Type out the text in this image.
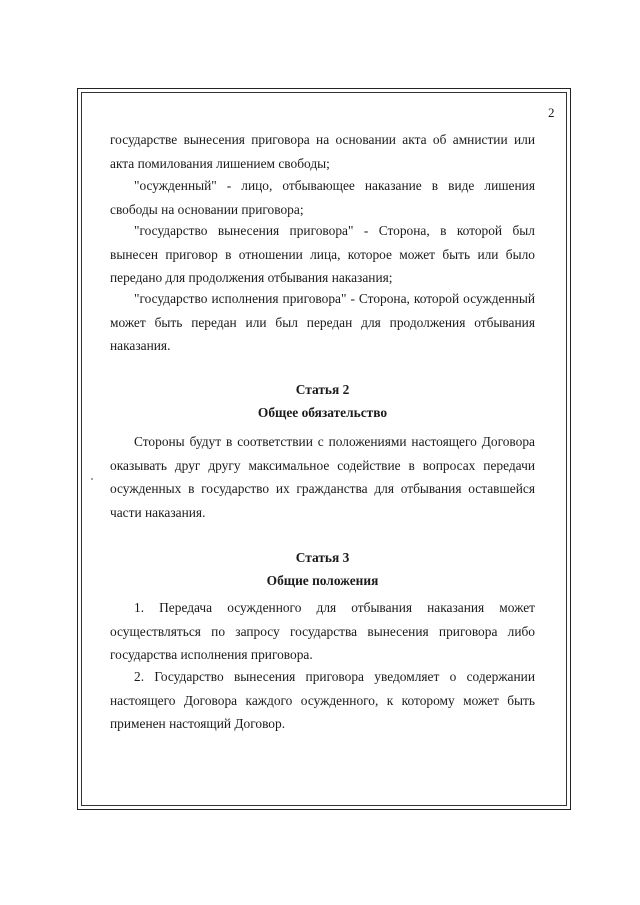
2

государстве вынесения приговора на основании акта об амнистии или акта помилования лишением свободы;

"осужденный" - лицо, отбывающее наказание в виде лишения свободы на основании приговора;

"государство вынесения приговора" - Сторона, в которой был вынесен приговор в отношении лица, которое может быть или было передано для продолжения отбывания наказания;

"государство исполнения приговора" - Сторона, которой осужденный может быть передан или был передан для продолжения отбывания наказания.

Статья 2
Общее обязательство

Стороны будут в соответствии с положениями настоящего Договора оказывать друг другу максимальное содействие в вопросах передачи осужденных в государство их гражданства для отбывания оставшейся части наказания.

Статья 3
Общие положения

1. Передача осужденного для отбывания наказания может осуществляться по запросу государства вынесения приговора либо государства исполнения приговора.

2. Государство вынесения приговора уведомляет о содержании настоящего Договора каждого осужденного, к которому может быть применен настоящий Договор.
